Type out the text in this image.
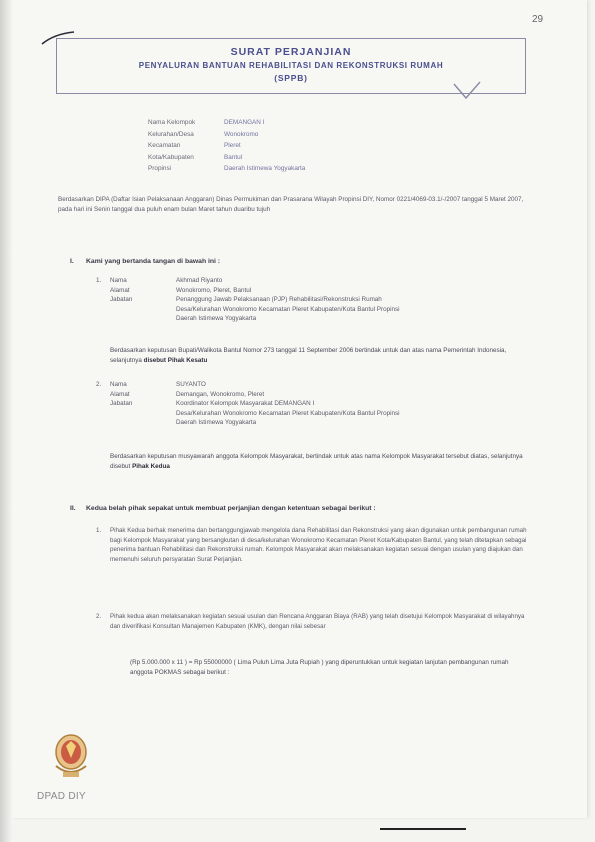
29
SURAT PERJANJIAN
PENYALURAN BANTUAN REHABILITASI DAN REKONSTRUKSI RUMAH
(SPPB)
Nama Kelompok	DEMANGAN I
Kelurahan/Desa	Wonokromo
Kecamatan	Pleret
Kota/Kabupaten	Bantul
Propinsi	Daerah Istimewa Yogyakarta
Berdasarkan DIPA (Daftar Isian Pelaksanaan Anggaran) Dinas Permukiman dan Prasarana Wilayah Propinsi DIY, Nomor 0221/4069-03.1/-/2007 tanggal 5 Maret 2007, pada hari ini Senin tanggal dua puluh enam bulan Maret tahun duaribu tujuh
I. Kami yang bertanda tangan di bawah ini :
1.	Nama	Akhmad Riyanto
Alamat	Wonokromo, Pleret, Bantul
Jabatan	Penanggung Jawab Pelaksanaan (PJP) Rehabilitasi/Rekonstruksi Rumah
Desa/Kelurahan Wonokromo Kecamatan Pleret Kabupaten/Kota Bantul Propinsi
Daerah Istimewa Yogyakarta
Berdasarkan keputusan Bupati/Walikota Bantul Nomor 273 tanggal 11 September 2006 bertindak untuk dan atas nama Pemerintah Indonesia, selanjutnya disebut Pihak Kesatu
2.	Nama	SUYANTO
Alamat	Demangan, Wonokromo, Pleret
Jabatan	Koordinator Kelompok Masyarakat DEMANGAN I
Desa/Kelurahan Wonokromo Kecamatan Pleret Kabupaten/Kota Bantul Propinsi
Daerah Istimewa Yogyakarta
Berdasarkan keputusan musyawarah anggota Kelompok Masyarakat, bertindak untuk atas nama Kelompok Masyarakat tersebut diatas, selanjutnya disebut Pihak Kedua
II. Kedua belah pihak sepakat untuk membuat perjanjian dengan ketentuan sebagai berikut :
1.	Pihak Kedua berhak menerima dan bertanggungjawab mengelola dana Rehabilitasi dan Rekonstruksi yang akan digunakan untuk pembangunan rumah bagi Kelompok Masyarakat yang bersangkutan di desa/kelurahan Wonokromo Kecamatan Pleret Kota/Kabupaten Bantul, yang telah ditetapkan sebagai penerima bantuan Rehabilitasi dan Rekonstruksi rumah. Kelompok Masyarakat akan melaksanakan kegiatan sesuai dengan usulan yang diajukan dan memenuhi seluruh persyaratan Surat Perjanjian.
2.	Pihak kedua akan melaksanakan kegiatan sesuai usulan dan Rencana Anggaran Biaya (RAB) yang telah disetujui Kelompok Masyarakat di wilayahnya dan diverifikasi Konsultan Manajemen Kabupaten (KMK), dengan nilai sebesar
(Rp 5.000.000 x 11 ) = Rp 55000000 ( Lima Puluh Lima Juta Rupiah ) yang diperuntukkan untuk kegiatan lanjutan pembangunan rumah anggota POKMAS sebagai berikut :
DPAD DIY
